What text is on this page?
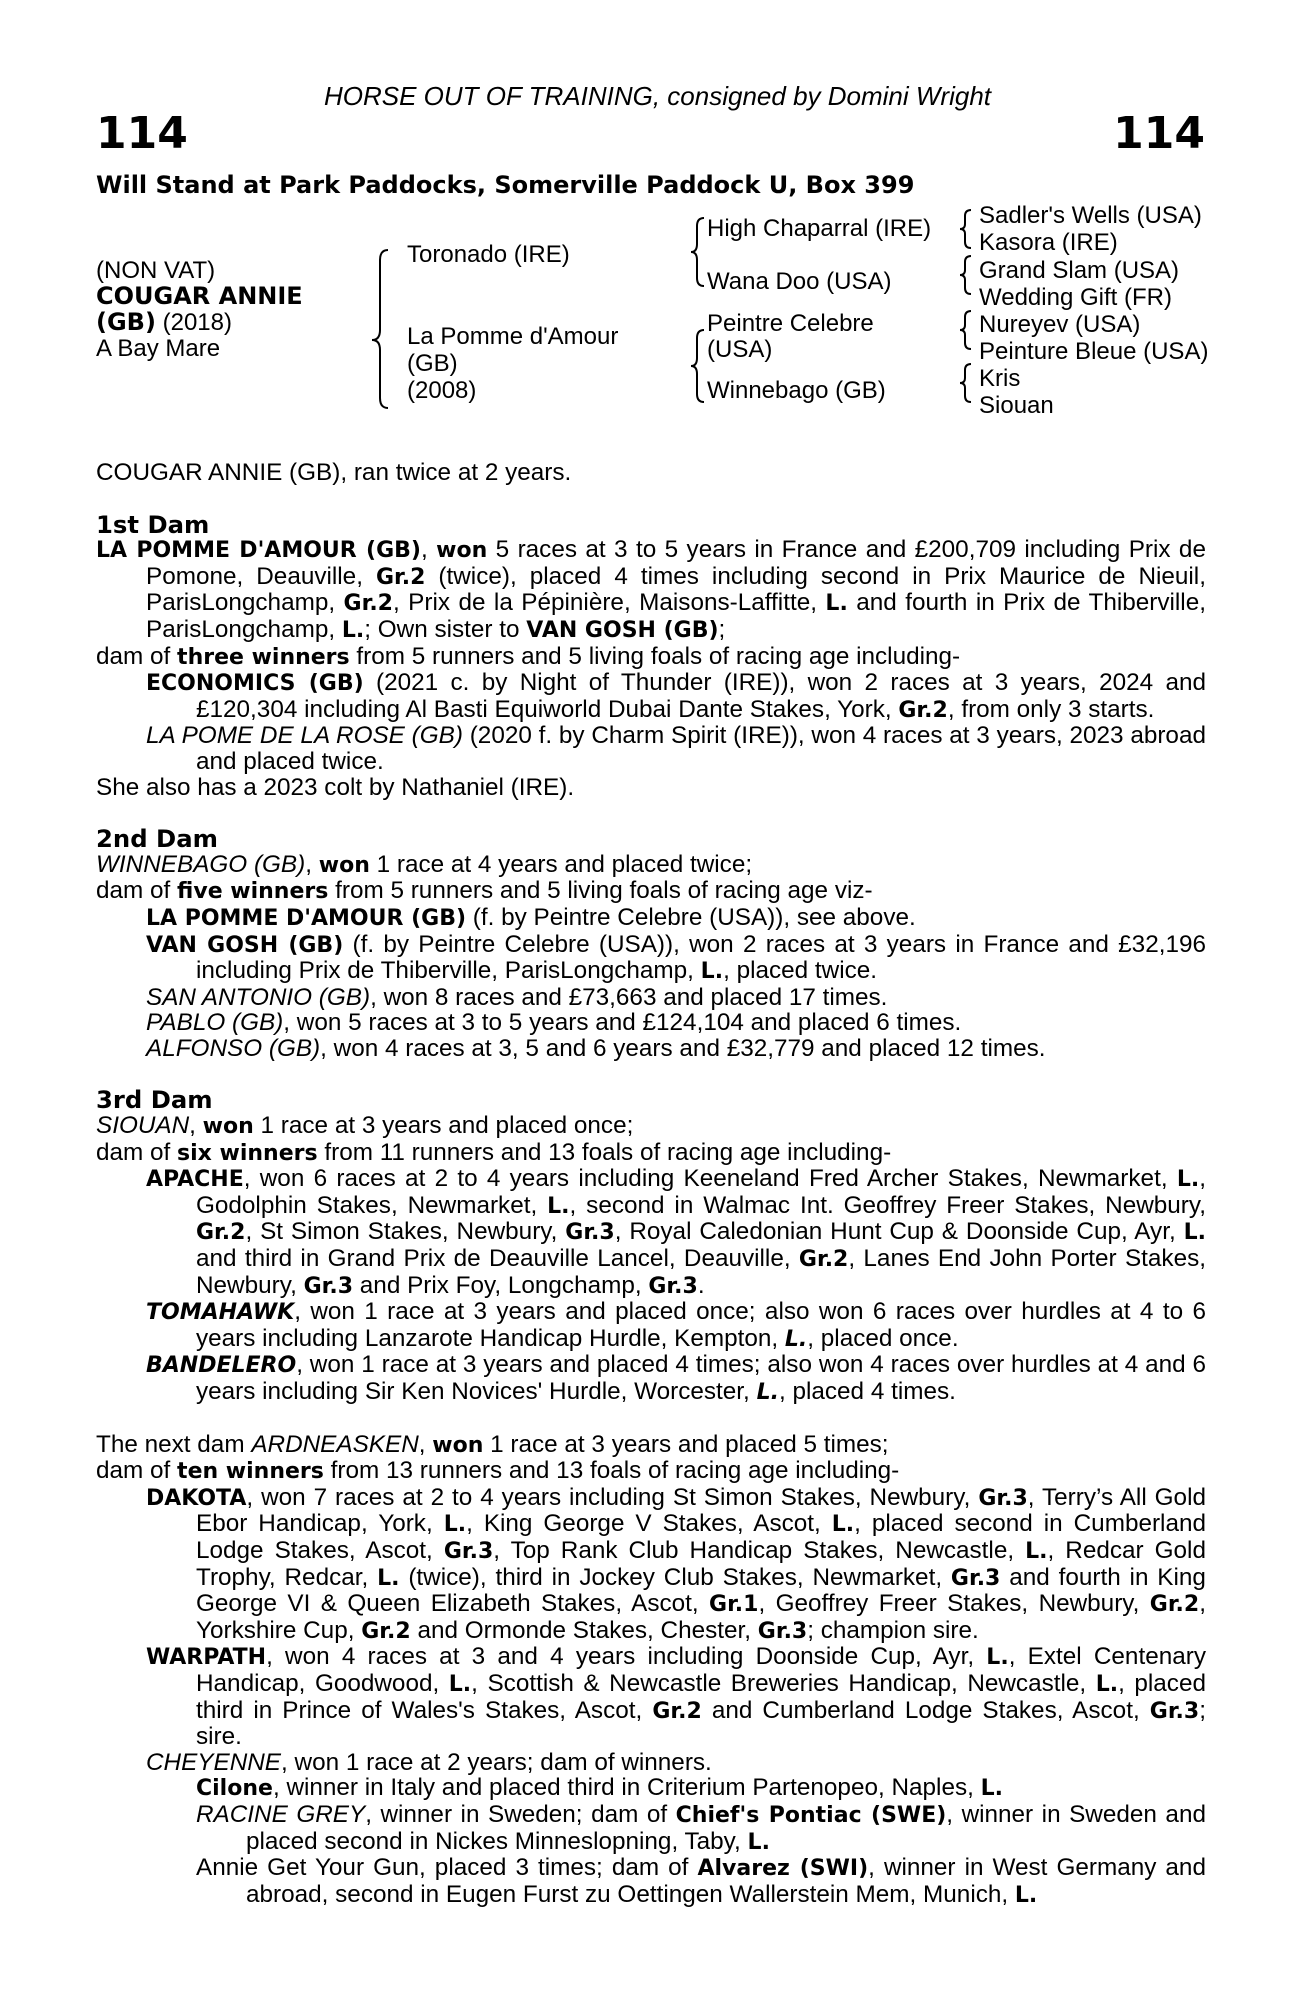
HORSE OUT OF TRAINING, consigned by Domini Wright
114	114
Will Stand at Park Paddocks, Somerville Paddock U, Box 399
(NON VAT)
COUGAR ANNIE
(GB) (2018)
A Bay Mare
Toronado (IRE)
La Pomme d'Amour
(GB)
(2008)
High Chaparral (IRE)
Wana Doo (USA)
Peintre Celebre
(USA)
Winnebago (GB)
Sadler's Wells (USA)
Kasora (IRE)
Grand Slam (USA)
Wedding Gift (FR)
Nureyev (USA)
Peinture Bleue (USA)
Kris
Siouan

COUGAR ANNIE (GB), ran twice at 2 years.

1st Dam

LA POMME D'AMOUR (GB), won 5 races at 3 to 5 years in France and £200,709 including Prix de Pomone, Deauville, Gr.2 (twice), placed 4 times including second in Prix Maurice de Nieuil, ParisLongchamp, Gr.2, Prix de la Pépinière, Maisons-Laffitte, L. and fourth in Prix de Thiberville, ParisLongchamp, L.; Own sister to VAN GOSH (GB);

dam of three winners from 5 runners and 5 living foals of racing age including-

ECONOMICS (GB) (2021 c. by Night of Thunder (IRE)), won 2 races at 3 years, 2024 and £120,304 including Al Basti Equiworld Dubai Dante Stakes, York, Gr.2, from only 3 starts.

LA POME DE LA ROSE (GB) (2020 f. by Charm Spirit (IRE)), won 4 races at 3 years, 2023 abroad and placed twice.

She also has a 2023 colt by Nathaniel (IRE).

2nd Dam

WINNEBAGO (GB), won 1 race at 4 years and placed twice;

dam of five winners from 5 runners and 5 living foals of racing age viz-

LA POMME D'AMOUR (GB) (f. by Peintre Celebre (USA)), see above.

VAN GOSH (GB) (f. by Peintre Celebre (USA)), won 2 races at 3 years in France and £32,196 including Prix de Thiberville, ParisLongchamp, L., placed twice.

SAN ANTONIO (GB), won 8 races and £73,663 and placed 17 times.

PABLO (GB), won 5 races at 3 to 5 years and £124,104 and placed 6 times.

ALFONSO (GB), won 4 races at 3, 5 and 6 years and £32,779 and placed 12 times.

3rd Dam

SIOUAN, won 1 race at 3 years and placed once;

dam of six winners from 11 runners and 13 foals of racing age including-

APACHE, won 6 races at 2 to 4 years including Keeneland Fred Archer Stakes, Newmarket, L., Godolphin Stakes, Newmarket, L., second in Walmac Int. Geoffrey Freer Stakes, Newbury, Gr.2, St Simon Stakes, Newbury, Gr.3, Royal Caledonian Hunt Cup & Doonside Cup, Ayr, L. and third in Grand Prix de Deauville Lancel, Deauville, Gr.2, Lanes End John Porter Stakes, Newbury, Gr.3 and Prix Foy, Longchamp, Gr.3.

TOMAHAWK, won 1 race at 3 years and placed once; also won 6 races over hurdles at 4 to 6 years including Lanzarote Handicap Hurdle, Kempton, L., placed once.

BANDELERO, won 1 race at 3 years and placed 4 times; also won 4 races over hurdles at 4 and 6 years including Sir Ken Novices' Hurdle, Worcester, L., placed 4 times.

The next dam ARDNEASKEN, won 1 race at 3 years and placed 5 times;

dam of ten winners from 13 runners and 13 foals of racing age including-

DAKOTA, won 7 races at 2 to 4 years including St Simon Stakes, Newbury, Gr.3, Terry’s All Gold Ebor Handicap, York, L., King George V Stakes, Ascot, L., placed second in Cumberland Lodge Stakes, Ascot, Gr.3, Top Rank Club Handicap Stakes, Newcastle, L., Redcar Gold Trophy, Redcar, L. (twice), third in Jockey Club Stakes, Newmarket, Gr.3 and fourth in King George VI & Queen Elizabeth Stakes, Ascot, Gr.1, Geoffrey Freer Stakes, Newbury, Gr.2, Yorkshire Cup, Gr.2 and Ormonde Stakes, Chester, Gr.3; champion sire.

WARPATH, won 4 races at 3 and 4 years including Doonside Cup, Ayr, L., Extel Centenary Handicap, Goodwood, L., Scottish & Newcastle Breweries Handicap, Newcastle, L., placed third in Prince of Wales's Stakes, Ascot, Gr.2 and Cumberland Lodge Stakes, Ascot, Gr.3; sire.

CHEYENNE, won 1 race at 2 years; dam of winners.

Cilone, winner in Italy and placed third in Criterium Partenopeo, Naples, L.

RACINE GREY, winner in Sweden; dam of Chief's Pontiac (SWE), winner in Sweden and placed second in Nickes Minneslopning, Taby, L.

Annie Get Your Gun, placed 3 times; dam of Alvarez (SWI), winner in West Germany and abroad, second in Eugen Furst zu Oettingen Wallerstein Mem, Munich, L.
